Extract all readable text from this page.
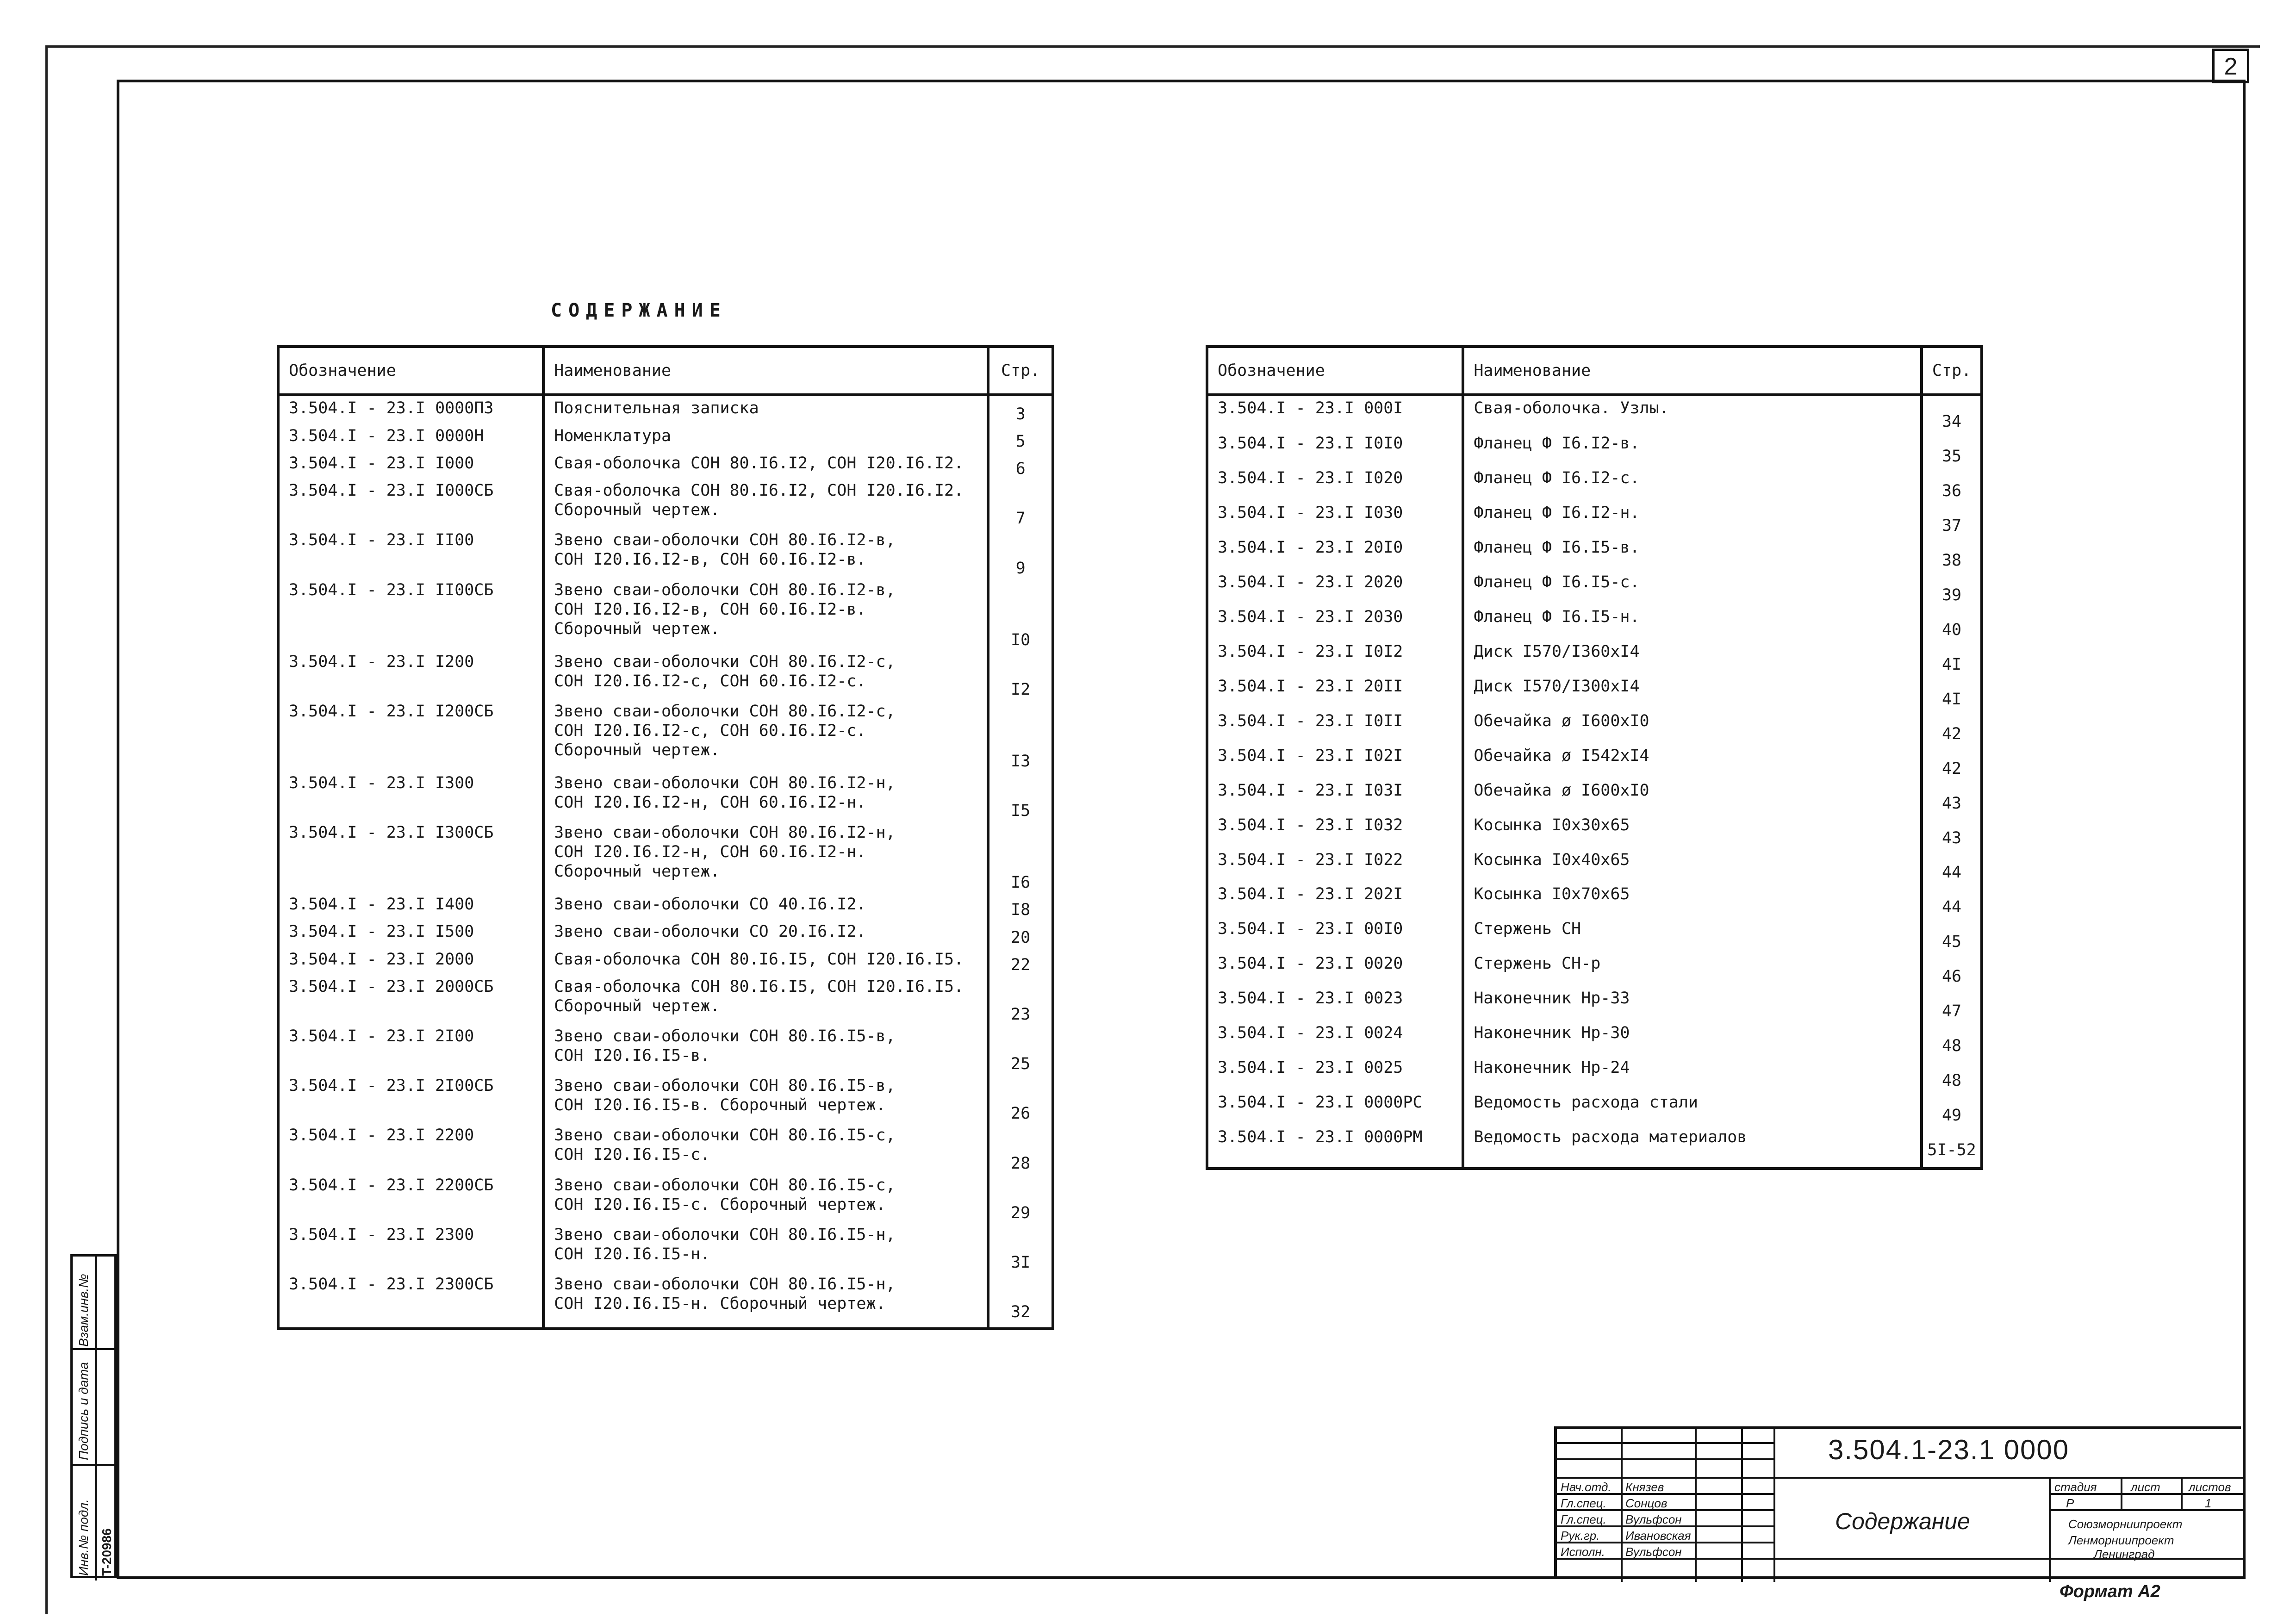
2
СОДЕРЖАНИЕ
Обозначение	Наименование	Стр.
3.504.I - 23.I 0000ПЗ	Пояснительная записка	3
3.504.I - 23.I 0000Н	Номенклатура	5
3.504.I - 23.I I000	Свая-оболочка СОН 80.I6.I2, СОН I20.I6.I2.	6
3.504.I - 23.I I000СБ	Свая-оболочка СОН 80.I6.I2, СОН I20.I6.I2.
Сборочный чертеж.	7
3.504.I - 23.I II00	Звено сваи-оболочки СОН 80.I6.I2-в,
СОН I20.I6.I2-в, СОН 60.I6.I2-в.	9
3.504.I - 23.I II00СБ	Звено сваи-оболочки СОН 80.I6.I2-в,
СОН I20.I6.I2-в, СОН 60.I6.I2-в.
Сборочный чертеж.	I0
3.504.I - 23.I I200	Звено сваи-оболочки СОН 80.I6.I2-с,
СОН I20.I6.I2-с, СОН 60.I6.I2-с.	I2
3.504.I - 23.I I200СБ	Звено сваи-оболочки СОН 80.I6.I2-с,
СОН I20.I6.I2-с, СОН 60.I6.I2-с.
Сборочный чертеж.	I3
3.504.I - 23.I I300	Звено сваи-оболочки СОН 80.I6.I2-н,
СОН I20.I6.I2-н, СОН 60.I6.I2-н.	I5
3.504.I - 23.I I300СБ	Звено сваи-оболочки СОН 80.I6.I2-н,
СОН I20.I6.I2-н, СОН 60.I6.I2-н.
Сборочный чертеж.	I6
3.504.I - 23.I I400	Звено сваи-оболочки СО 40.I6.I2.	I8
3.504.I - 23.I I500	Звено сваи-оболочки СО 20.I6.I2.	20
3.504.I - 23.I 2000	Свая-оболочка СОН 80.I6.I5, СОН I20.I6.I5.	22
3.504.I - 23.I 2000СБ	Свая-оболочка СОН 80.I6.I5, СОН I20.I6.I5.
Сборочный чертеж.	23
3.504.I - 23.I 2I00	Звено сваи-оболочки СОН 80.I6.I5-в,
СОН I20.I6.I5-в.	25
3.504.I - 23.I 2I00СБ	Звено сваи-оболочки СОН 80.I6.I5-в,
СОН I20.I6.I5-в. Сборочный чертеж.	26
3.504.I - 23.I 2200	Звено сваи-оболочки СОН 80.I6.I5-с,
СОН I20.I6.I5-с.	28
3.504.I - 23.I 2200СБ	Звено сваи-оболочки СОН 80.I6.I5-с,
СОН I20.I6.I5-с. Сборочный чертеж.	29
3.504.I - 23.I 2300	Звено сваи-оболочки СОН 80.I6.I5-н,
СОН I20.I6.I5-н.	3I
3.504.I - 23.I 2300СБ	Звено сваи-оболочки СОН 80.I6.I5-н,
СОН I20.I6.I5-н. Сборочный чертеж.	32

Обозначение	Наименование	Стр.
3.504.I - 23.I 000I	Свая-оболочка. Узлы.	34
3.504.I - 23.I I0I0	Фланец Ф I6.I2-в.	35
3.504.I - 23.I I020	Фланец Ф I6.I2-с.	36
3.504.I - 23.I I030	Фланец Ф I6.I2-н.	37
3.504.I - 23.I 20I0	Фланец Ф I6.I5-в.	38
3.504.I - 23.I 2020	Фланец Ф I6.I5-с.	39
3.504.I - 23.I 2030	Фланец Ф I6.I5-н.	40
3.504.I - 23.I I0I2	Диск I570/I360хI4	4I
3.504.I - 23.I 20II	Диск I570/I300хI4	4I
3.504.I - 23.I I0II	Обечайка ø I600хI0	42
3.504.I - 23.I I02I	Обечайка ø I542хI4	42
3.504.I - 23.I I03I	Обечайка ø I600хI0	43
3.504.I - 23.I I032	Косынка I0х30х65	43
3.504.I - 23.I I022	Косынка I0х40х65	44
3.504.I - 23.I 202I	Косынка I0х70х65	44
3.504.I - 23.I 00I0	Стержень СН	45
3.504.I - 23.I 0020	Стержень СН-р	46
3.504.I - 23.I 0023	Наконечник Нр-33	47
3.504.I - 23.I 0024	Наконечник Нр-30	48
3.504.I - 23.I 0025	Наконечник Нр-24	48
3.504.I - 23.I 0000РС	Ведомость расхода стали	49
3.504.I - 23.I 0000РМ	Ведомость расхода материалов	5I-52

Нач.отд. Князев
Гл.спец. Сонцов
Гл.спец. Вульфсон
Рук.гр. Ивановская
Исполн. Вульфсон
стадия	лист листов
Р	1
Союзморниипроект
Ленморниипроект
Ленинград
3.504.1-23.1 0000
Содержание
Формат А2
Взам.инв.№
Подпись и дата
Инв.№ подл. T-20986
